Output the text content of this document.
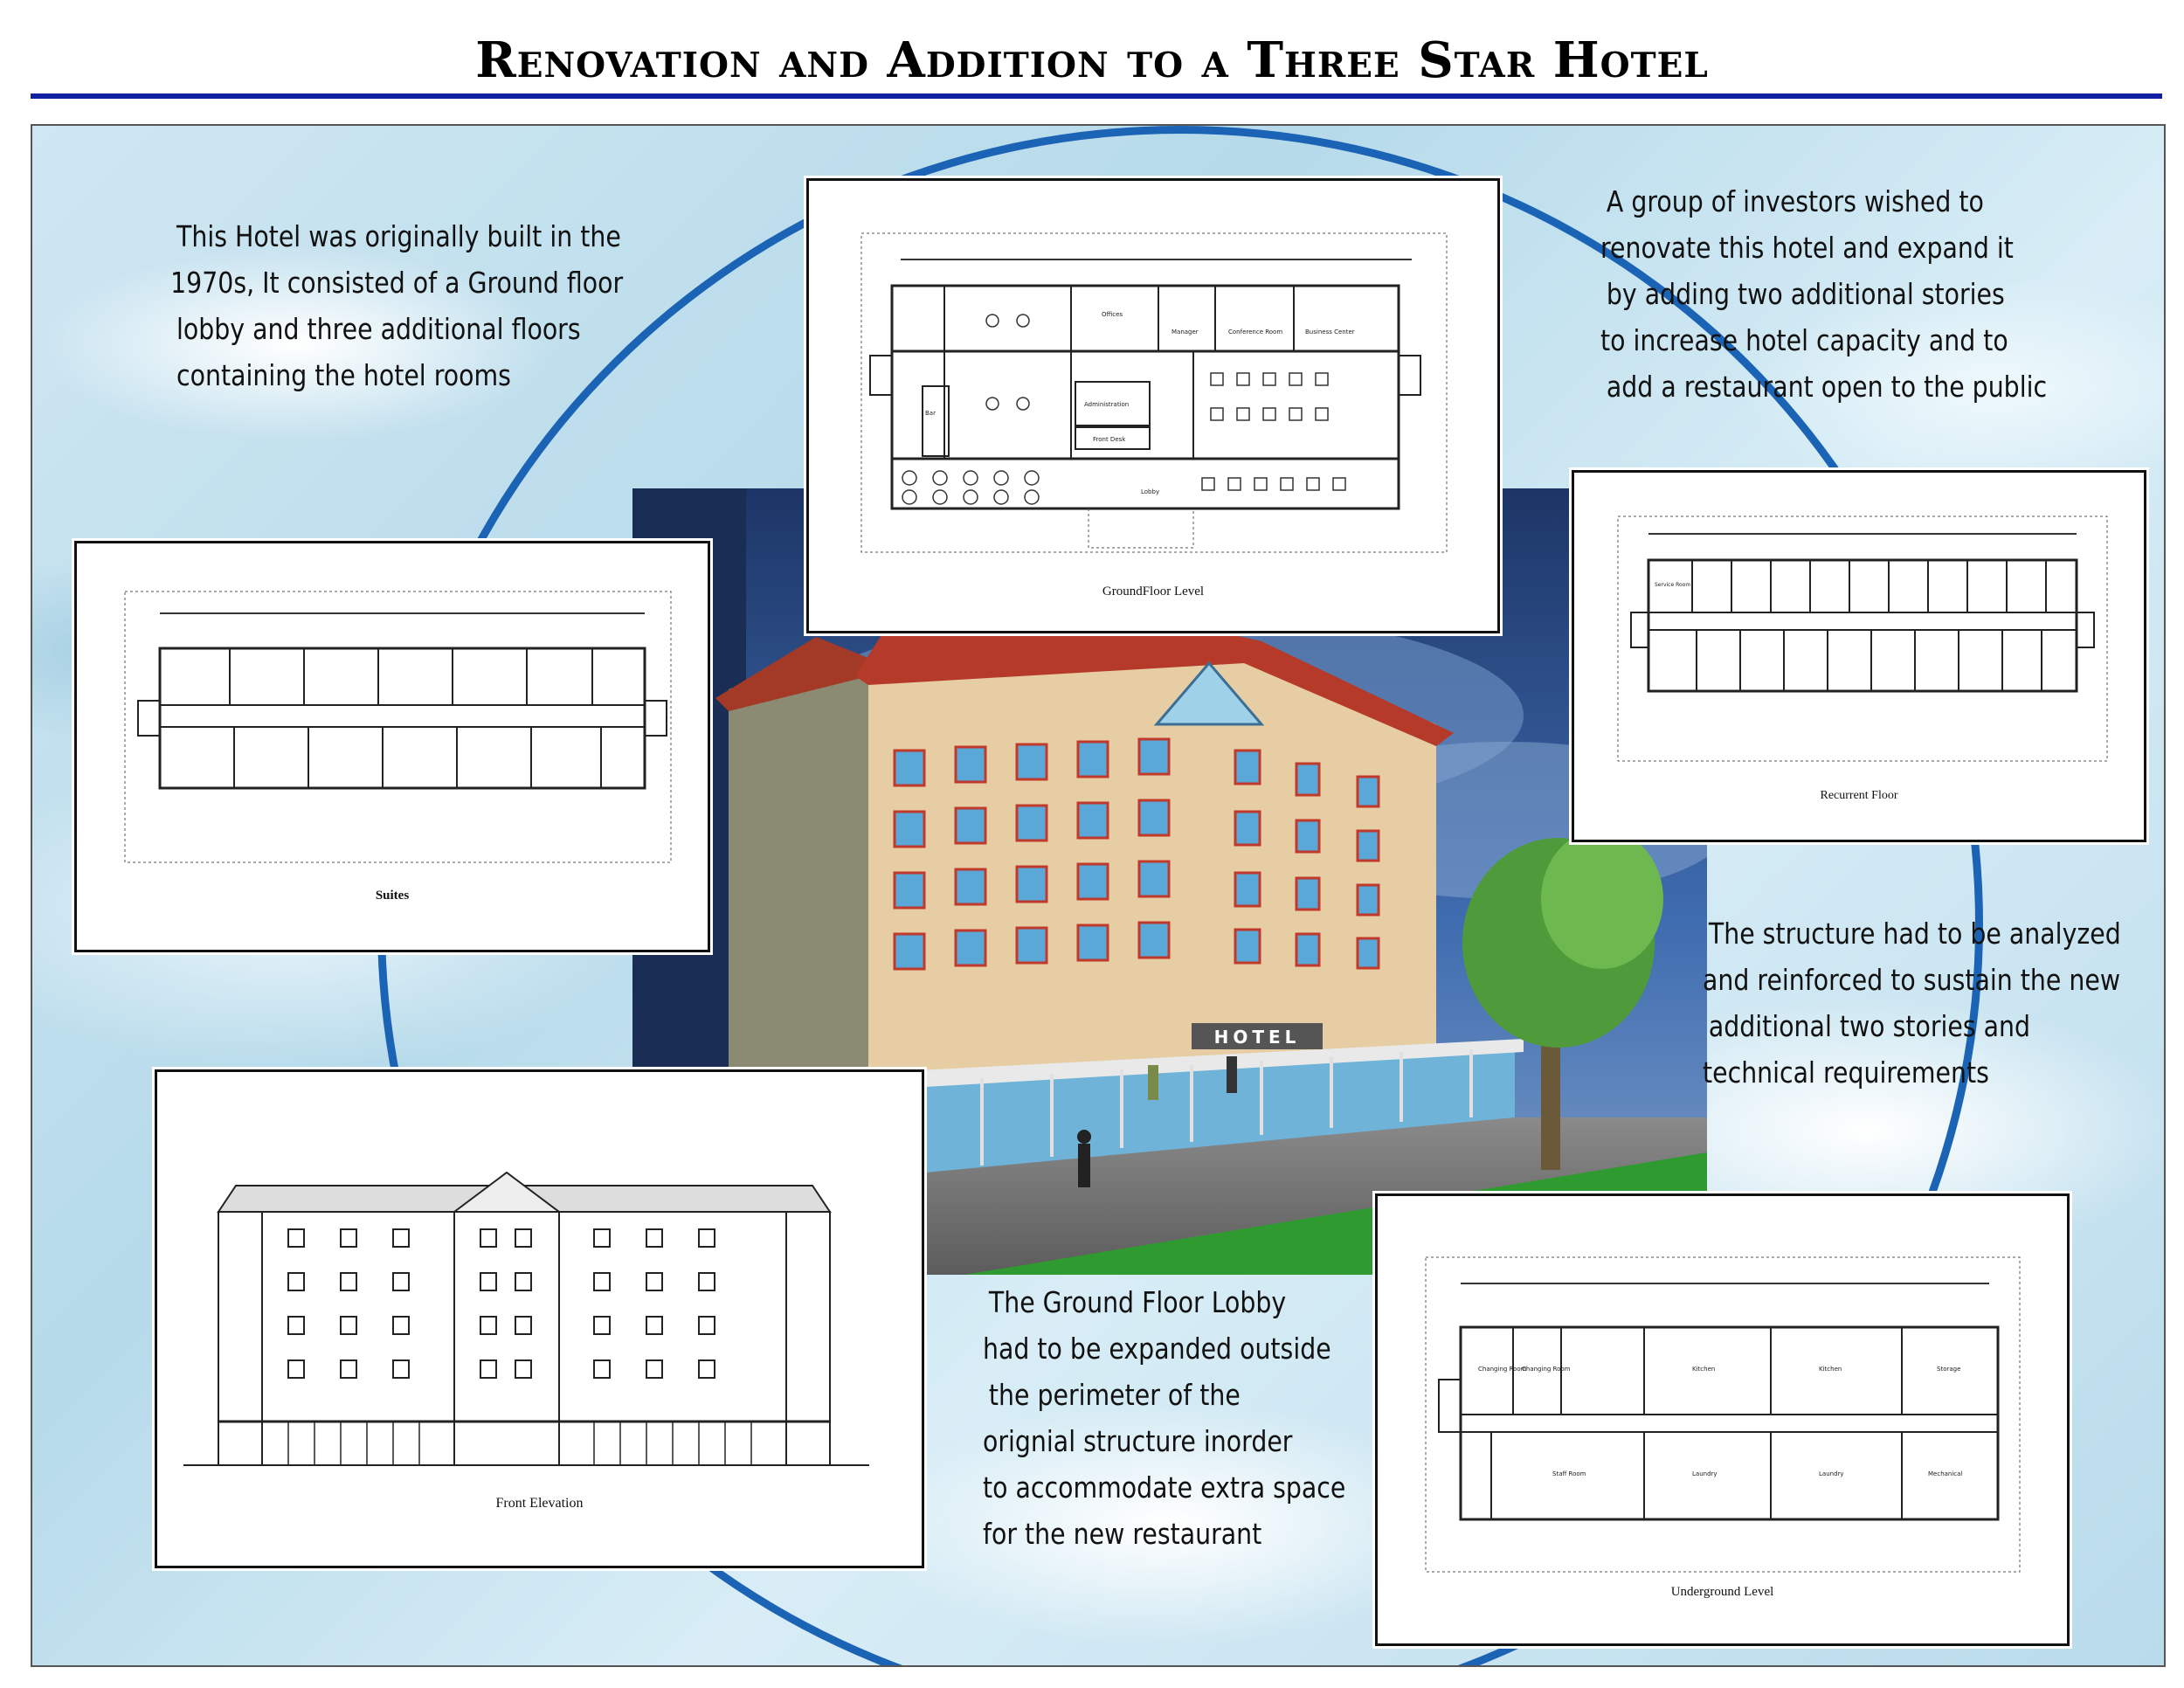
Renovation and Addition to a Three Star Hotel
HOTEL
This Hotel was originally built in the
1970s, It consisted of a Ground floor
lobby and three additional floors
containing the hotel rooms
A group of investors wished to
renovate this hotel and expand it
by adding two additional stories
to increase hotel capacity and to
add a restaurant open to the public
The structure had to be analyzed
and reinforced to sustain the new
additional two stories and
technical requirements
The Ground Floor Lobby
had to be expanded outside
the perimeter of the
orignial structure inorder
to accommodate extra space
for the new restaurant
Offices
Manager	Conference Room	Business Center
Bar
Administration
Front Desk
Lobby
GroundFloor Level
Suites
Service Room
Recurrent Floor
Front Elevation
Changing Room
Changing Room	Kitchen	Kitchen	Storage
Staff Room	Laundry	Laundry	Mechanical
Underground Level
